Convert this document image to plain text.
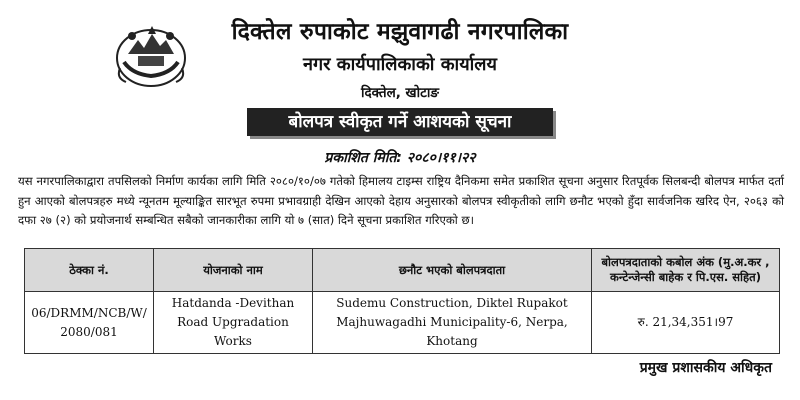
दिक्तेल रुपाकोट मझुवागढी नगरपालिका
नगर कार्यपालिकाको कार्यालय
दिक्तेल, खोटाङ
बोलपत्र स्वीकृत गर्ने आशयको सूचना
प्रकाशित मिति: २०८०।११।२२
यस नगरपालिकाद्वारा तपसिलको निर्माण कार्यका लागि मिति २०८०/१०/०७ गतेको हिमालय टाइम्स राष्ट्रिय दैनिकमा समेत प्रकाशित सूचना अनुसार रितपूर्वक सिलबन्दी बोलपत्र मार्फत दर्ता हुन आएको बोलपत्रहरु मध्ये न्यूनतम मूल्याङ्कित सारभूत रुपमा प्रभावग्राही देखिन आएको देहाय अनुसारको बोलपत्र स्वीकृतीको लागि छनौट भएको हुँदा सार्वजनिक खरिद ऐन, २०६३ को दफा २७ (२) को प्रयोजनार्थ सम्बन्धित सबैको जानकारीका लागि यो ७ (सात) दिने सूचना प्रकाशित गरिएको छ।
ठेक्का नं.	योजनाको नाम	छनौट भएको बोलपत्रदाता	बोलपत्रदाताको कबोल अंक (मु.अ.कर , कन्टेन्जेन्सी बाहेक र पि.एस. सहित)
06/DRMM/NCB/W/ 2080/081	Hatdanda -Devithan Road Upgradation Works	Sudemu Construction, Diktel Rupakot Majhuwagadhi Municipality-6, Nerpa, Khotang	रु. 21,34,351।97
प्रमुख प्रशासकीय अधिकृत
